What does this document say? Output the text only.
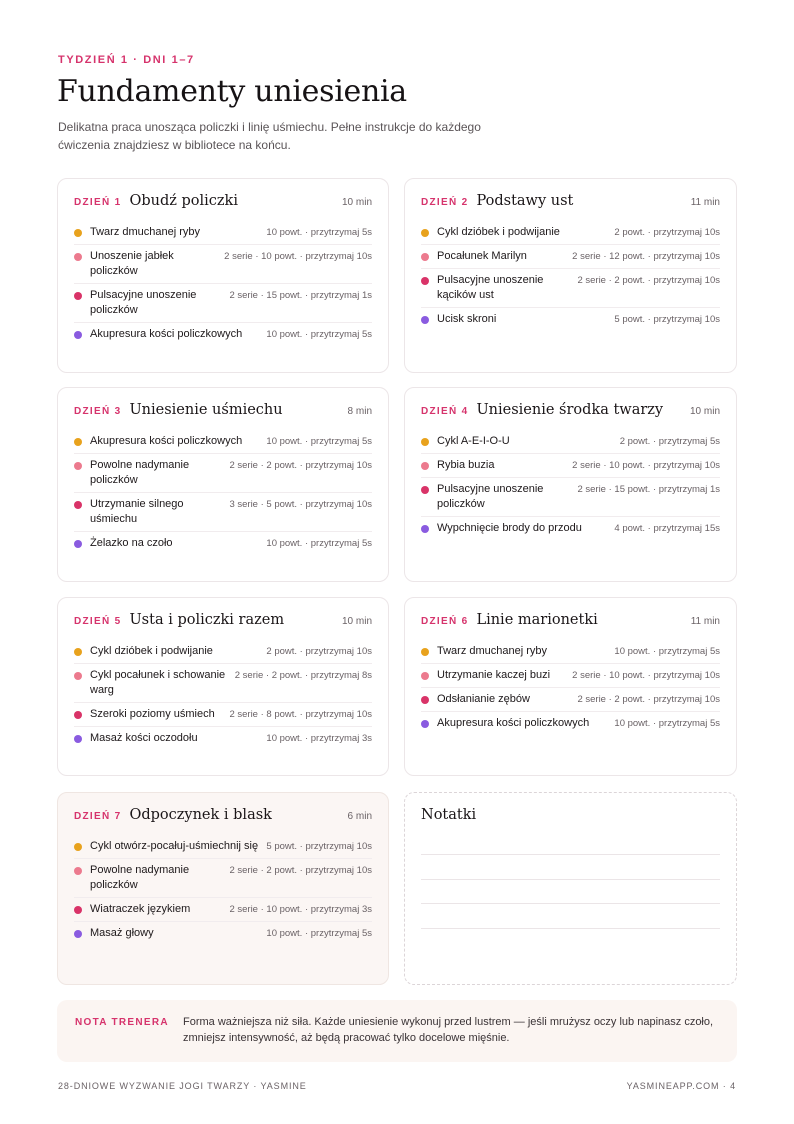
TYDZIEŃ 1 · DNI 1–7
Fundamenty uniesienia

Delikatna praca unosząca policzki i linię uśmiechu. Pełne instrukcje do każdego ćwiczenia znajdziesz w bibliotece na końcu.

DZIEŃ 1 Obudź policzki	10 min
Twarz dmuchanej ryby	10 powt. · przytrzymaj 5s
Unoszenie jabłek policzków
2 serie · 10 powt. · przytrzymaj 10s
Pulsacyjne unoszenie policzków
2 serie · 15 powt. · przytrzymaj 1s
Akupresura kości policzkowych	10 powt. · przytrzymaj 5s
DZIEŃ 2 Podstawy ust	11 min
Cykl dzióbek i podwijanie	2 powt. · przytrzymaj 10s
Pocałunek Marilyn	2 serie · 12 powt. · przytrzymaj 10s
Pulsacyjne unoszenie kącików ust
2 serie · 2 powt. · przytrzymaj 10s
Ucisk skroni	5 powt. · przytrzymaj 10s
DZIEŃ 3 Uniesienie uśmiechu	8 min
Akupresura kości policzkowych	10 powt. · przytrzymaj 5s
Powolne nadymanie policzków
2 serie · 2 powt. · przytrzymaj 10s
Utrzymanie silnego uśmiechu
3 serie · 5 powt. · przytrzymaj 10s
Żelazko na czoło	10 powt. · przytrzymaj 5s
DZIEŃ 4 Uniesienie środka twarzy	10 min
Cykl A-E-I-O-U	2 powt. · przytrzymaj 5s
Rybia buzia	2 serie · 10 powt. · przytrzymaj 10s
Pulsacyjne unoszenie policzków
2 serie · 15 powt. · przytrzymaj 1s
Wypchnięcie brody do przodu	4 powt. · przytrzymaj 15s
DZIEŃ 5 Usta i policzki razem	10 min
Cykl dzióbek i podwijanie	2 powt. · przytrzymaj 10s
Cykl pocałunek i schowanie warg
2 serie · 2 powt. · przytrzymaj 8s
Szeroki poziomy uśmiech	2 serie · 8 powt. · przytrzymaj 10s
Masaż kości oczodołu	10 powt. · przytrzymaj 3s
DZIEŃ 6 Linie marionetki	11 min
Twarz dmuchanej ryby	10 powt. · przytrzymaj 5s
Utrzymanie kaczej buzi	2 serie · 10 powt. · przytrzymaj 10s
Odsłanianie zębów	2 serie · 2 powt. · przytrzymaj 10s
Akupresura kości policzkowych	10 powt. · przytrzymaj 5s
DZIEŃ 7 Odpoczynek i blask	6 min
Cykl otwórz-pocałuj-uśmiechnij się 5 powt. · przytrzymaj 10s
Powolne nadymanie policzków
2 serie · 2 powt. · przytrzymaj 10s
Wiatraczek językiem	2 serie · 10 powt. · przytrzymaj 3s
Masaż głowy	10 powt. · przytrzymaj 5s
Notatki
NOTA TRENERA	Forma ważniejsza niż siła. Każde uniesienie wykonuj przed lustrem — jeśli mrużysz oczy lub napinasz czoło, zmniejsz intensywność, aż będą pracować tylko docelowe mięśnie.
28-DNIOWE WYZWANIE JOGI TWARZY · YASMINE	YASMINEAPP.COM · 4
